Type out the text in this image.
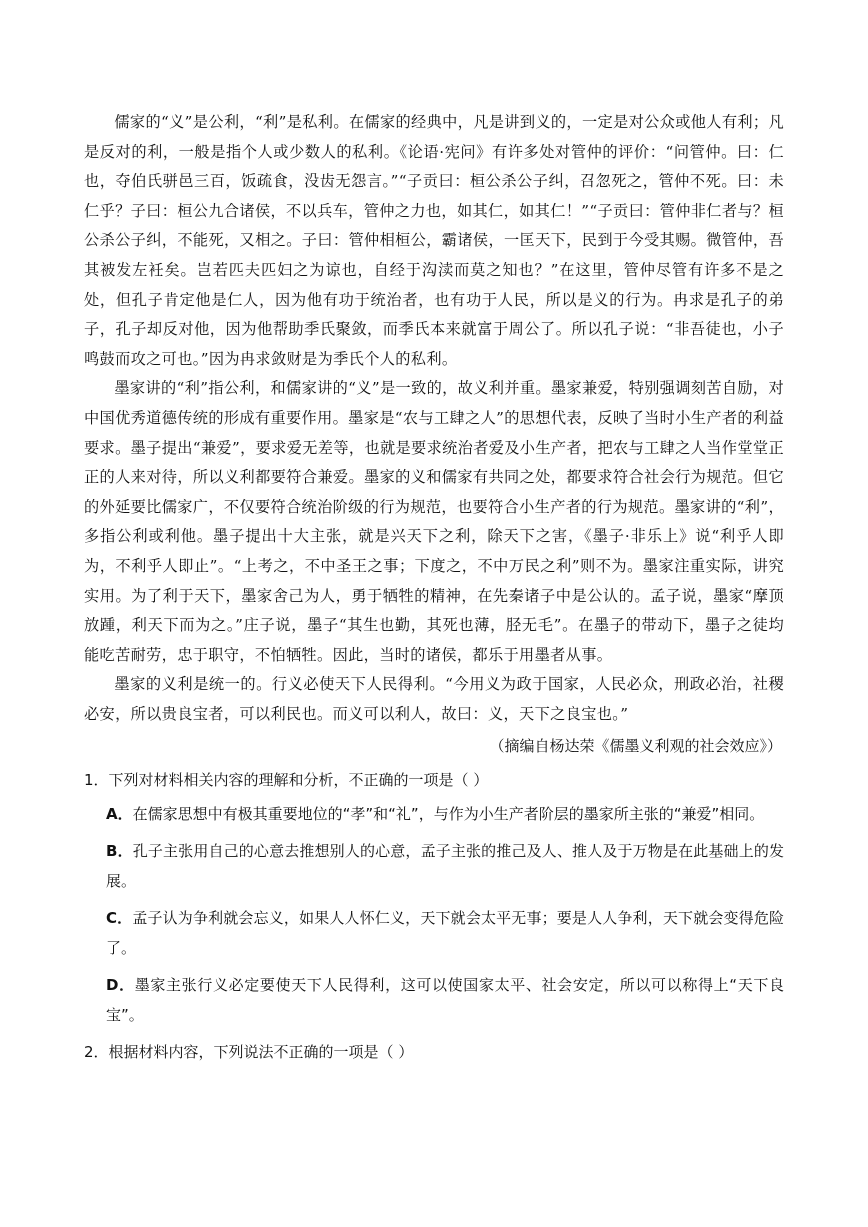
儒家的“义”是公利，“利”是私利。在儒家的经典中，凡是讲到义的，一定是对公众或他人有利；凡是反对的利，一般是指个人或少数人的私利。《论语·宪问》有许多处对管仲的评价：“问管仲。曰：仁也，夺伯氏骈邑三百，饭疏食，没齿无怨言。”“子贡曰：桓公杀公子纠，召忽死之，管仲不死。曰：未仁乎？子曰：桓公九合诸侯，不以兵车，管仲之力也，如其仁，如其仁！”“子贡曰：管仲非仁者与？桓公杀公子纠，不能死，又相之。子曰：管仲相桓公，霸诸侯，一匡天下，民到于今受其赐。微管仲，吾其被发左衽矣。岂若匹夫匹妇之为谅也，自经于沟渎而莫之知也？”在这里，管仲尽管有许多不是之处，但孔子肯定他是仁人，因为他有功于统治者，也有功于人民，所以是义的行为。冉求是孔子的弟子，孔子却反对他，因为他帮助季氏聚敛，而季氏本来就富于周公了。所以孔子说：“非吾徒也，小子鸣鼓而攻之可也。”因为冉求敛财是为季氏个人的私利。

墨家讲的“利”指公利，和儒家讲的“义”是一致的，故义利并重。墨家兼爱，特别强调刻苦自励，对中国优秀道德传统的形成有重要作用。墨家是“农与工肆之人”的思想代表，反映了当时小生产者的利益要求。墨子提出“兼爱”，要求爱无差等，也就是要求统治者爱及小生产者，把农与工肆之人当作堂堂正正的人来对待，所以义利都要符合兼爱。墨家的义和儒家有共同之处，都要求符合社会行为规范。但它的外延要比儒家广，不仅要符合统治阶级的行为规范，也要符合小生产者的行为规范。墨家讲的“利”，多指公利或利他。墨子提出十大主张，就是兴天下之利，除天下之害，《墨子·非乐上》说“利乎人即为，不利乎人即止”。“上考之，不中圣王之事；下度之，不中万民之利”则不为。墨家注重实际，讲究实用。为了利于天下，墨家舍己为人，勇于牺牲的精神，在先秦诸子中是公认的。孟子说，墨家“摩顶放踵，利天下而为之。”庄子说，墨子“其生也勤，其死也薄，胫无毛”。在墨子的带动下，墨子之徒均能吃苦耐劳，忠于职守，不怕牺牲。因此，当时的诸侯，都乐于用墨者从事。

墨家的义利是统一的。行义必使天下人民得利。“今用义为政于国家，人民必众，刑政必治，社稷必安，所以贵良宝者，可以利民也。而义可以利人，故曰：义，天下之良宝也。”

（摘编自杨达荣《儒墨义利观的社会效应》）

1．下列对材料相关内容的理解和分析，不正确的一项是（ ）

A．在儒家思想中有极其重要地位的“孝”和“礼”，与作为小生产者阶层的墨家所主张的“兼爱”相同。
B．孔子主张用自己的心意去推想别人的心意，孟子主张的推己及人、推人及于万物是在此基础上的发展。
C．孟子认为争利就会忘义，如果人人怀仁义，天下就会太平无事；要是人人争利，天下就会变得危险了。
D．墨家主张行义必定要使天下人民得利，这可以使国家太平、社会安定，所以可以称得上“天下良宝”。

2．根据材料内容，下列说法不正确的一项是（ ）
